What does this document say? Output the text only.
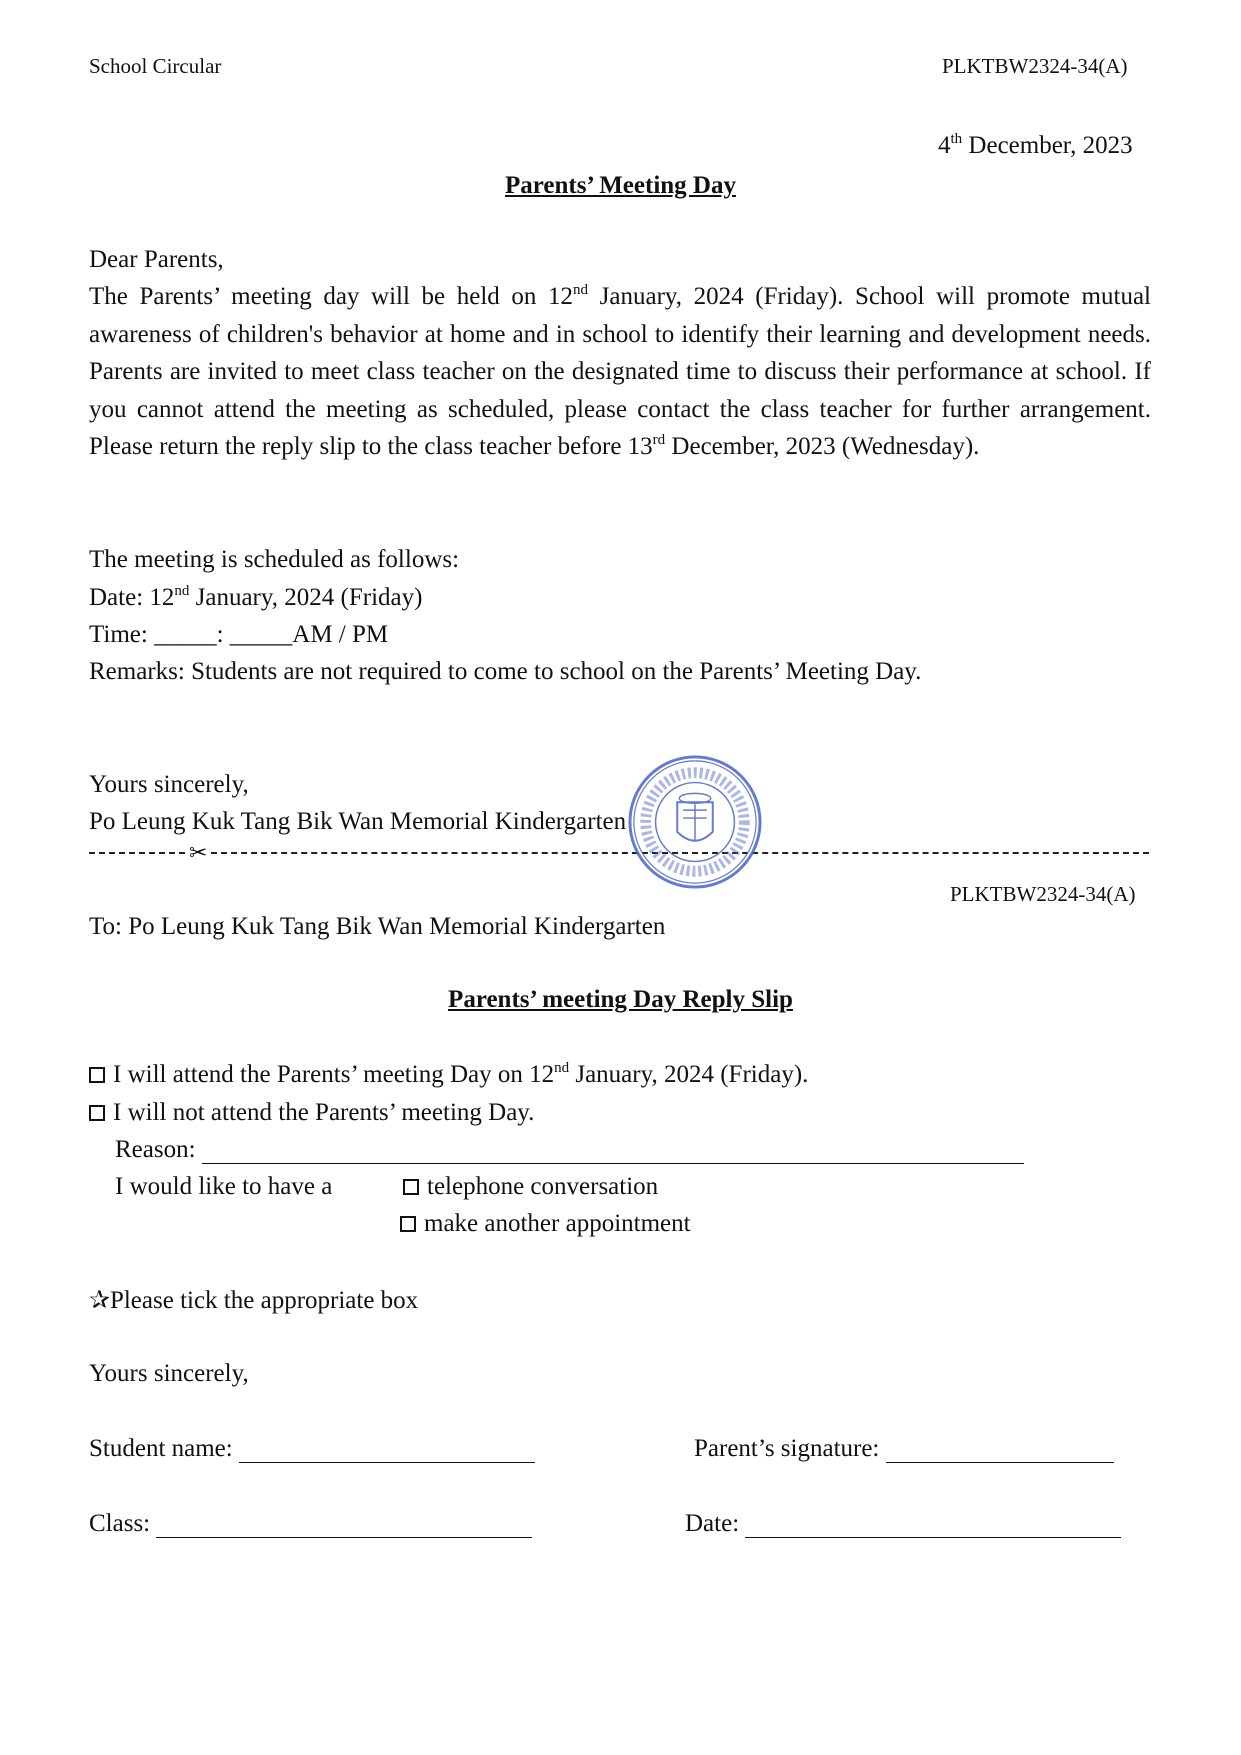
School Circular	PLKTBW2324-34(A)
4th December, 2023
Parents’ Meeting Day
Dear Parents,
The Parents’ meeting day will be held on 12nd January, 2024 (Friday). School will promote mutual awareness of children's behavior at home and in school to identify their learning and development needs. Parents are invited to meet class teacher on the designated time to discuss their performance at school. If you cannot attend the meeting as scheduled, please contact the class teacher for further arrangement. Please return the reply slip to the class teacher before 13rd December, 2023 (Wednesday).
The meeting is scheduled as follows:
Date: 12nd January, 2024 (Friday)
Time: _____: _____AM / PM
Remarks: Students are not required to come to school on the Parents’ Meeting Day.
Yours sincerely,
Po Leung Kuk Tang Bik Wan Memorial Kindergarten
✂
PLKTBW2324-34(A)
To: Po Leung Kuk Tang Bik Wan Memorial Kindergarten
Parents’ meeting Day Reply Slip
I will attend the Parents’ meeting Day on 12nd January, 2024 (Friday).
I will not attend the Parents’ meeting Day.
Reason:
I would like to have a	telephone conversation
make another appointment
✰Please tick the appropriate box
Yours sincerely,
Student name:	Parent’s signature:
Class:	Date:
